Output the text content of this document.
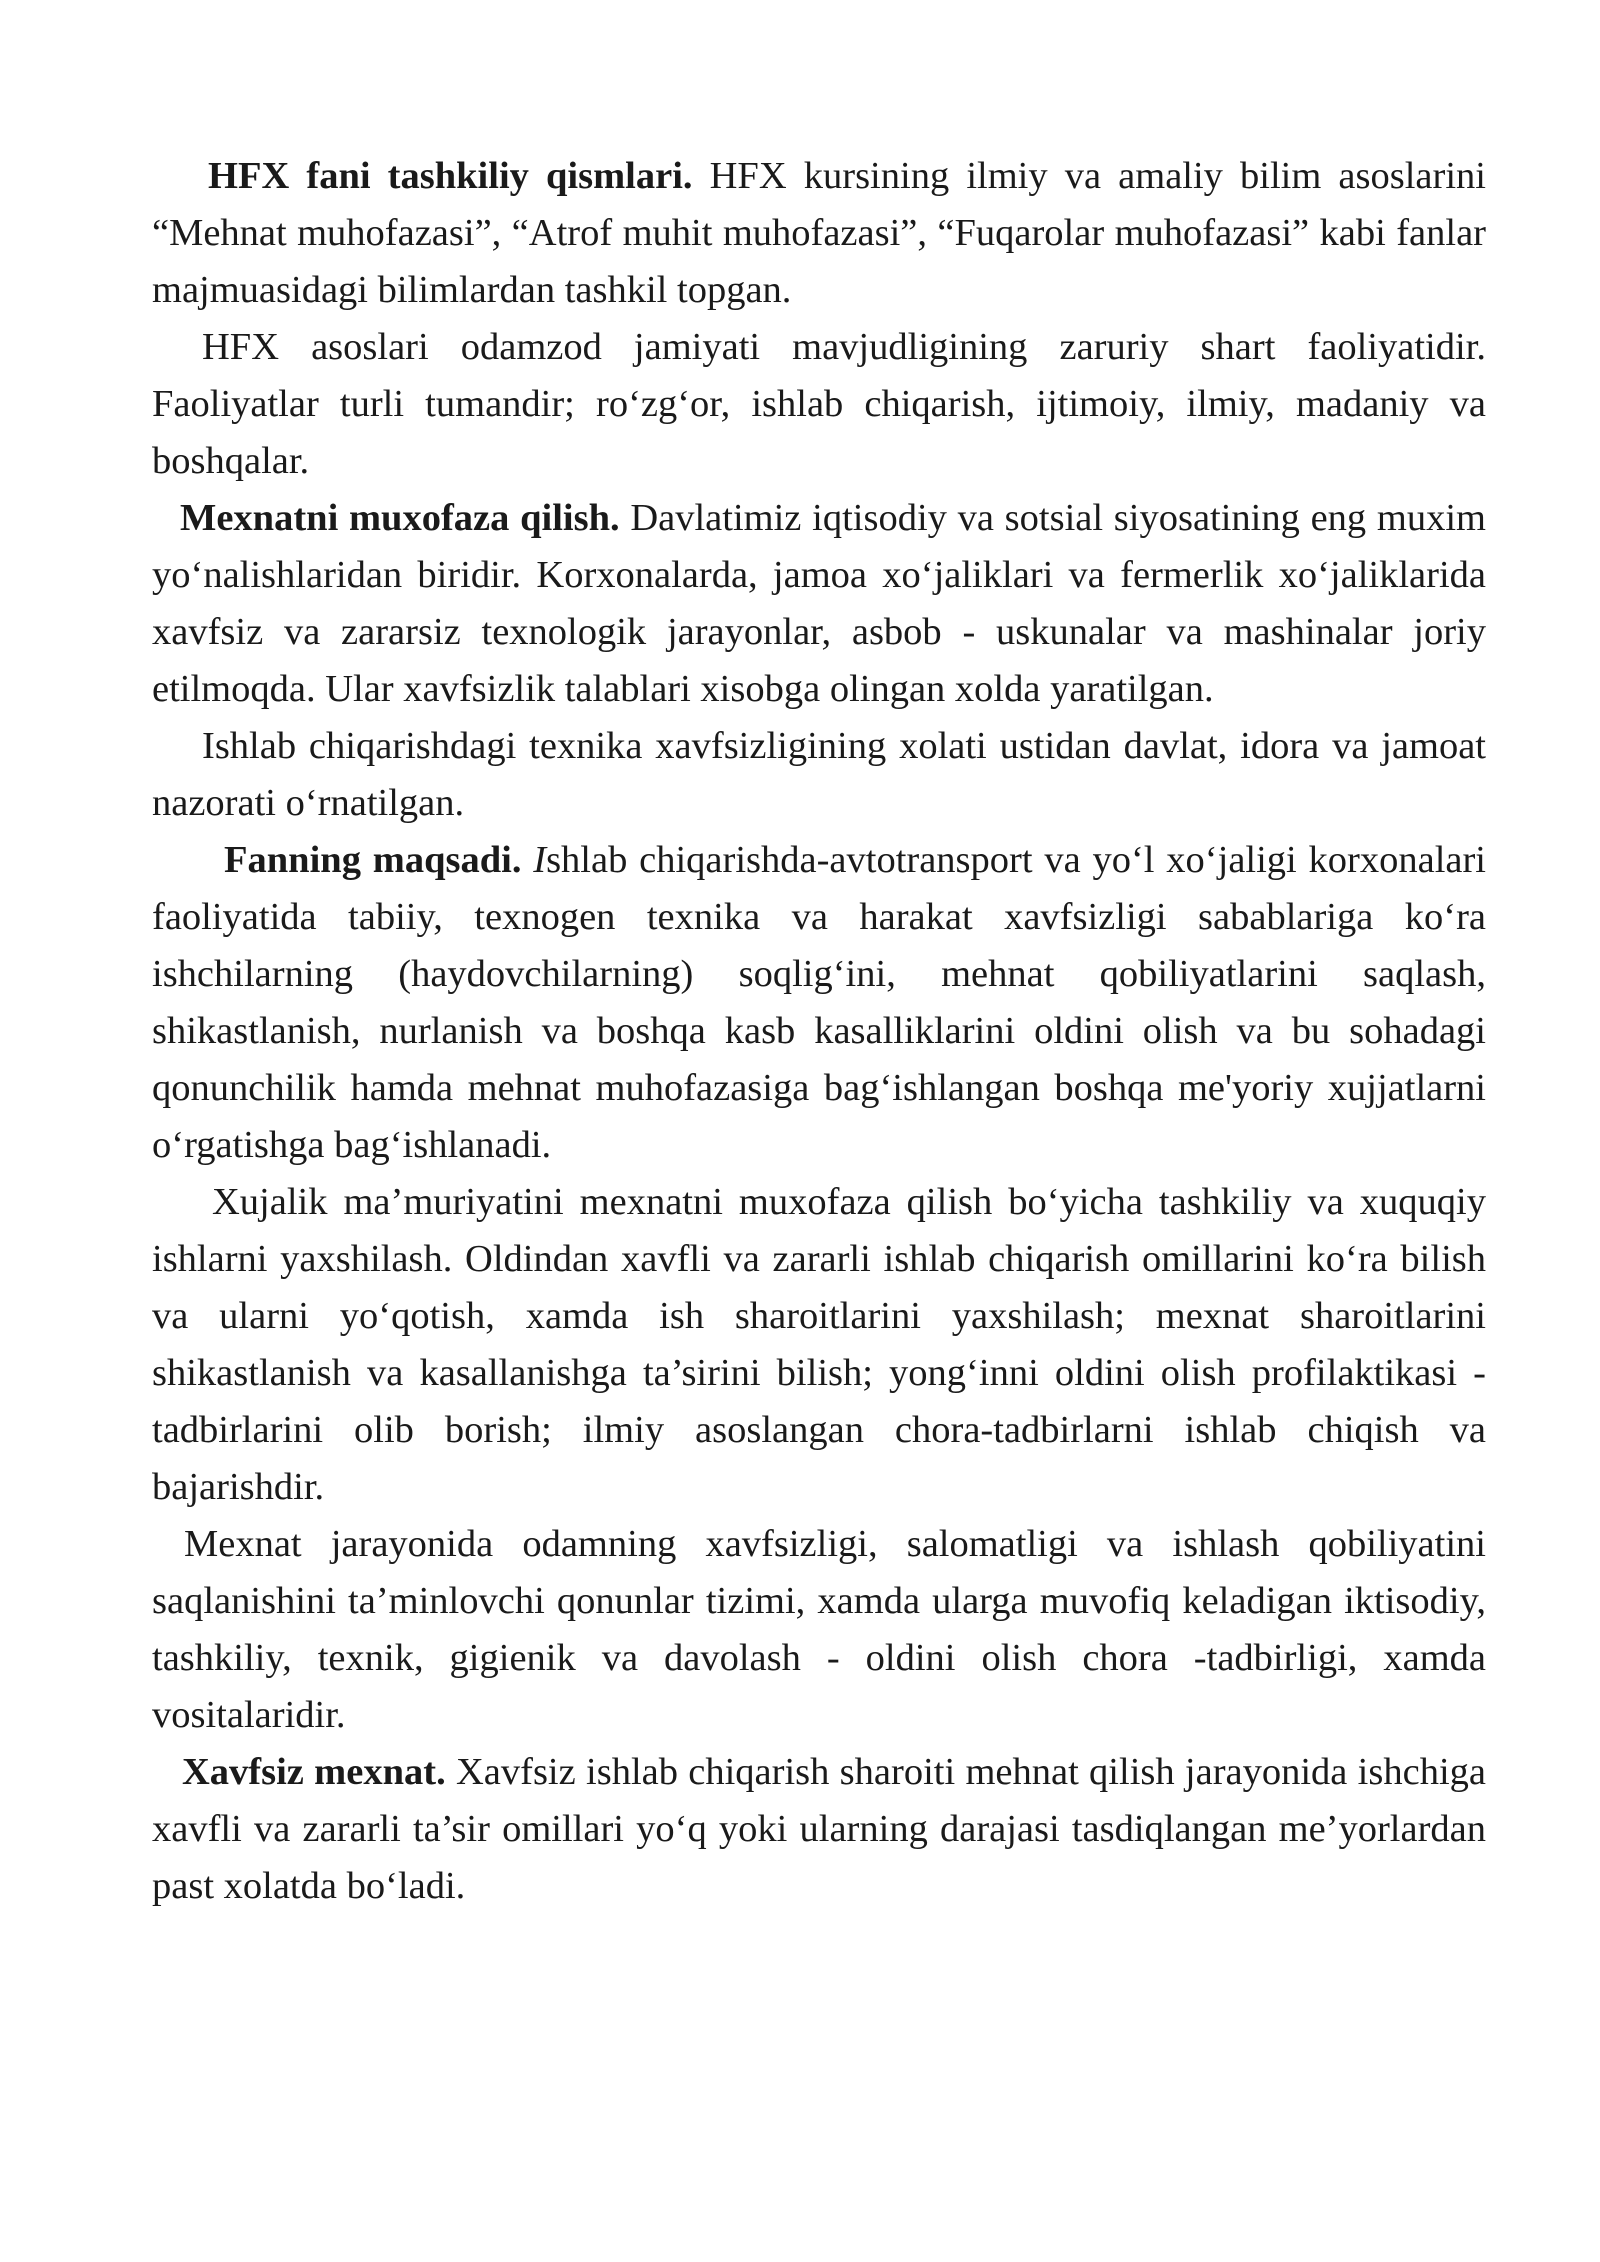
HFX fani tashkiliy qismlari. HFX kursining ilmiy va amaliy bilim asoslarini “Mehnat muhofazasi”, “Atrof muhit muhofazasi”, “Fuqarolar muhofazasi” kabi fanlar majmuasidagi bilimlardan tashkil topgan.

HFX asoslari odamzod jamiyati mavjudligining zaruriy shart faoliyatidir. Faoliyatlar turli tumandir; ro‘zg‘or, ishlab chiqarish, ijtimoiy, ilmiy, madaniy va boshqalar.

Mexnatni muxofaza qilish. Davlatimiz iqtisodiy va sotsial siyosatining eng muxim yo‘nalishlaridan biridir. Korxonalarda, jamoa xo‘jaliklari va fermerlik xo‘jaliklarida xavfsiz va zararsiz texnologik jarayonlar, asbob - uskunalar va mashinalar joriy etilmoqda. Ular xavfsizlik talablari xisobga olingan xolda yaratilgan.

Ishlab chiqarishdagi texnika xavfsizligining xolati ustidan davlat, idora va jamoat nazorati o‘rnatilgan.

Fanning maqsadi. Ishlab chiqarishda-avtotransport va yo‘l xo‘jaligi korxonalari faoliyatida tabiiy, texnogen texnika va harakat xavfsizligi sabablariga ko‘ra ishchilarning (haydovchilarning) soqlig‘ini, mehnat qobiliyatlarini saqlash, shikastlanish, nurlanish va boshqa kasb kasalliklarini oldini olish va bu sohadagi qonunchilik hamda mehnat muhofazasiga bag‘ishlangan boshqa me'yoriy xujjatlarni o‘rgatishga bag‘ishlanadi.

Xujalik ma’muriyatini mexnatni muxofaza qilish bo‘yicha tashkiliy va xuquqiy ishlarni yaxshilash. Oldindan xavfli va zararli ishlab chiqarish omillarini ko‘ra bilish va ularni yo‘qotish, xamda ish sharoitlarini yaxshilash; mexnat sharoitlarini shikastlanish va kasallanishga ta’sirini bilish; yong‘inni oldini olish profilaktikasi - tadbirlarini olib borish; ilmiy asoslangan chora-tadbirlarni ishlab chiqish va bajarishdir.

Mexnat jarayonida odamning xavfsizligi, salomatligi va ishlash qobiliyatini saqlanishini ta’minlovchi qonunlar tizimi, xamda ularga muvofiq keladigan iktisodiy, tashkiliy, texnik, gigienik va davolash - oldini olish chora -tadbirligi, xamda vositalaridir.

Xavfsiz mexnat. Xavfsiz ishlab chiqarish sharoiti mehnat qilish jarayonida ishchiga xavfli va zararli ta’sir omillari yo‘q yoki ularning darajasi tasdiqlangan me’yorlardan past xolatda bo‘ladi.
